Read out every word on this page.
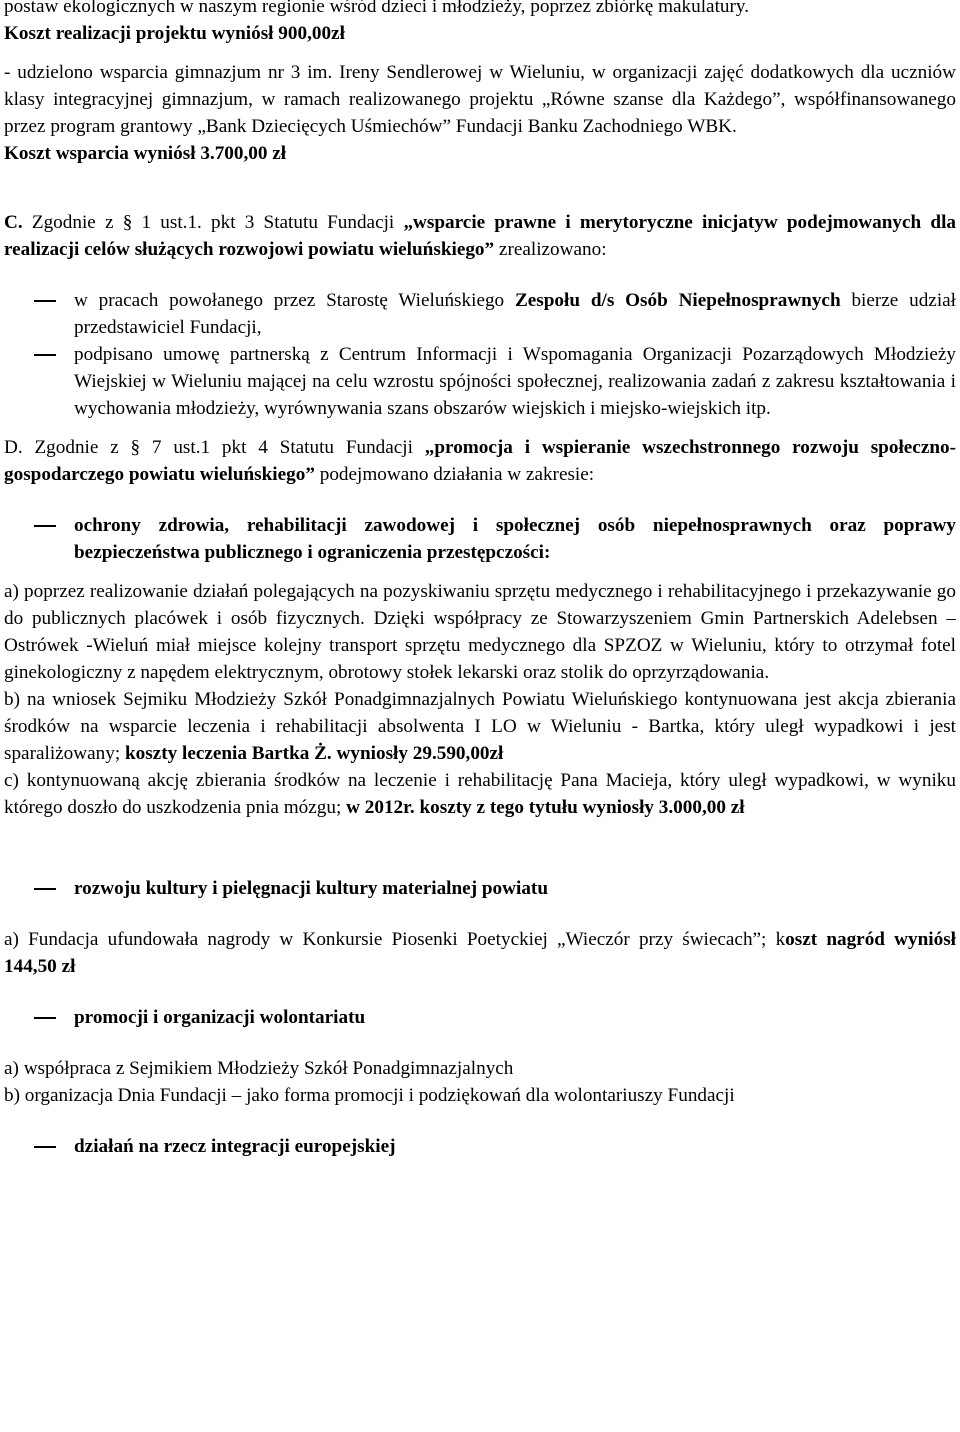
postaw ekologicznych w naszym regionie wśród dzieci i młodzieży, poprzez zbiórkę makulatury.

Koszt realizacji projektu wyniósł 900,00zł

- udzielono wsparcia gimnazjum nr 3 im. Ireny Sendlerowej w Wieluniu, w organizacji zajęć dodatkowych dla uczniów klasy integracyjnej gimnazjum, w ramach realizowanego projektu „Równe szanse dla Każdego”, współfinansowanego przez program grantowy „Bank Dziecięcych Uśmiechów” Fundacji Banku Zachodniego WBK.

Koszt wsparcia wyniósł 3.700,00 zł

C. Zgodnie z § 1 ust.1. pkt 3 Statutu Fundacji „wsparcie prawne i merytoryczne inicjatyw podejmowanych dla realizacji celów służących rozwojowi powiatu wieluńskiego” zrealizowano:

w pracach powołanego przez Starostę Wieluńskiego Zespołu d/s Osób Niepełnosprawnych bierze udział przedstawiciel Fundacji,

podpisano umowę partnerską z Centrum Informacji i Wspomagania Organizacji Pozarządowych Młodzieży Wiejskiej w Wieluniu mającej na celu wzrostu spójności społecznej, realizowania zadań z zakresu kształtowania i wychowania młodzieży, wyrównywania szans obszarów wiejskich i miejsko-wiejskich itp.

D. Zgodnie z § 7 ust.1 pkt 4 Statutu Fundacji „promocja i wspieranie wszechstronnego rozwoju społeczno-gospodarczego powiatu wieluńskiego” podejmowano działania w zakresie:

ochrony zdrowia, rehabilitacji zawodowej i społecznej osób niepełnosprawnych oraz poprawy bezpieczeństwa publicznego i ograniczenia przestępczości:

a) poprzez realizowanie działań polegających na pozyskiwaniu sprzętu medycznego i rehabilitacyjnego i przekazywanie go do publicznych placówek i osób fizycznych. Dzięki współpracy ze Stowarzyszeniem Gmin Partnerskich Adelebsen – Ostrówek -Wieluń miał miejsce kolejny transport sprzętu medycznego dla SPZOZ w Wieluniu, który to otrzymał fotel ginekologiczny z napędem elektrycznym, obrotowy stołek lekarski oraz stolik do oprzyrządowania.

b) na wniosek Sejmiku Młodzieży Szkół Ponadgimnazjalnych Powiatu Wieluńskiego kontynuowana jest akcja zbierania środków na wsparcie leczenia i rehabilitacji absolwenta I LO w Wieluniu - Bartka, który uległ wypadkowi i jest sparaliżowany; koszty leczenia Bartka Ż. wyniosły 29.590,00zł

c) kontynuowaną akcję zbierania środków na leczenie i rehabilitację Pana Macieja, który uległ wypadkowi, w wyniku którego doszło do uszkodzenia pnia mózgu; w 2012r. koszty z tego tytułu wyniosły 3.000,00 zł

rozwoju kultury i pielęgnacji kultury materialnej powiatu

a) Fundacja ufundowała nagrody w Konkursie Piosenki Poetyckiej „Wieczór przy świecach”; koszt nagród wyniósł 144,50 zł

promocji i organizacji wolontariatu

a) współpraca z Sejmikiem Młodzieży Szkół Ponadgimnazjalnych

b) organizacja Dnia Fundacji – jako forma promocji i podziękowań dla wolontariuszy Fundacji

działań na rzecz integracji europejskiej
